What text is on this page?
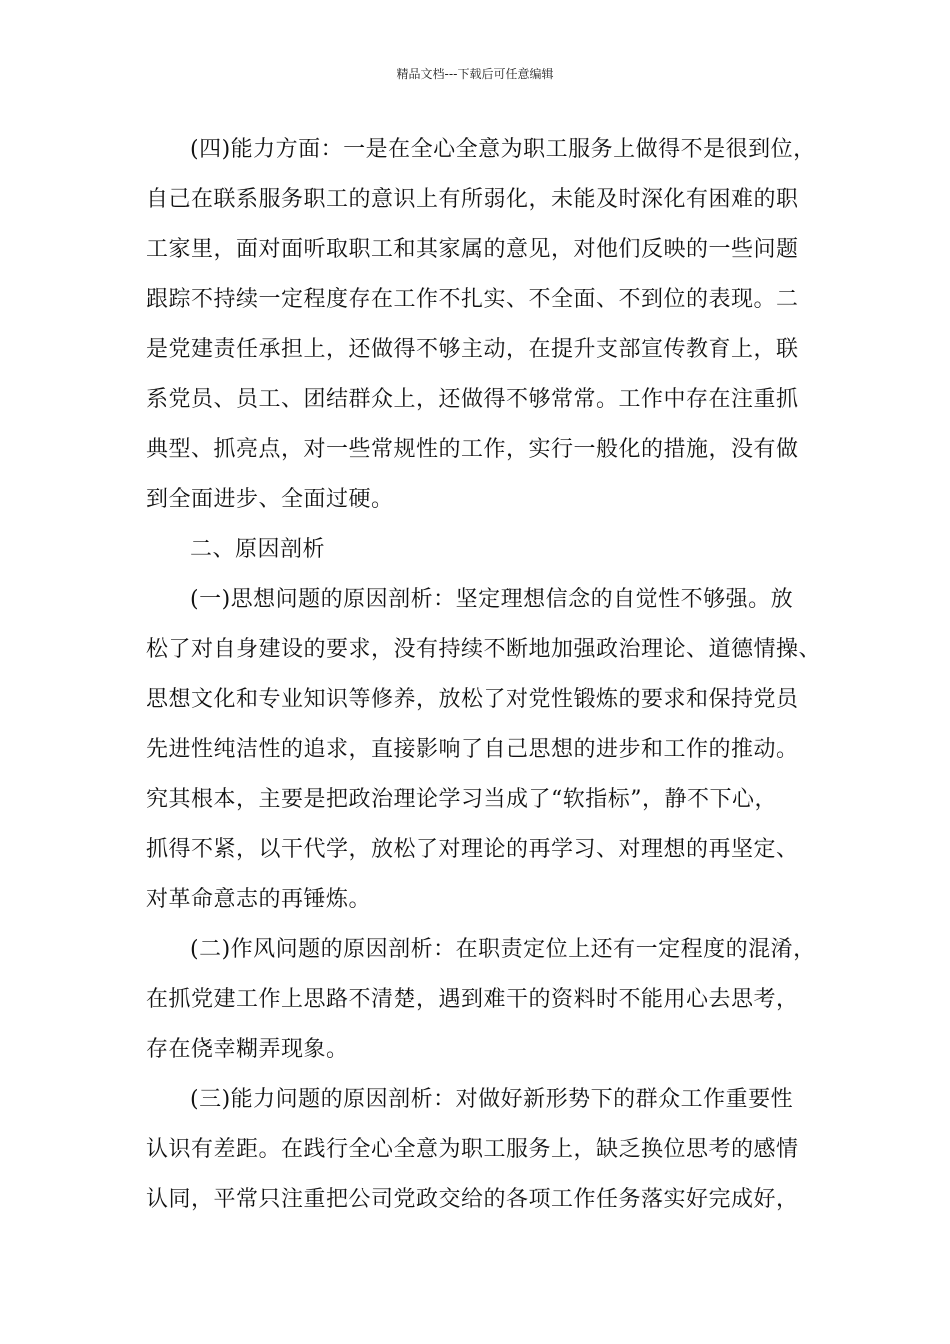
精品文档---下载后可任意编辑
(四)能力方面：一是在全心全意为职工服务上做得不是很到位，
自己在联系服务职工的意识上有所弱化，未能及时深化有困难的职
工家里，面对面听取职工和其家属的意见，对他们反映的一些问题
跟踪不持续一定程度存在工作不扎实、不全面、不到位的表现。二
是党建责任承担上，还做得不够主动，在提升支部宣传教育上，联
系党员、员工、团结群众上，还做得不够常常。工作中存在注重抓
典型、抓亮点，对一些常规性的工作，实行一般化的措施，没有做
到全面进步、全面过硬。
二、原因剖析
(一)思想问题的原因剖析：坚定理想信念的自觉性不够强。放
松了对自身建设的要求，没有持续不断地加强政治理论、道德情操、
思想文化和专业知识等修养，放松了对党性锻炼的要求和保持党员
先进性纯洁性的追求，直接影响了自己思想的进步和工作的推动。
究其根本，主要是把政治理论学习当成了“软指标”，静不下心，
抓得不紧，以干代学，放松了对理论的再学习、对理想的再坚定、
对革命意志的再锤炼。
(二)作风问题的原因剖析：在职责定位上还有一定程度的混淆，
在抓党建工作上思路不清楚，遇到难干的资料时不能用心去思考，
存在侥幸糊弄现象。
(三)能力问题的原因剖析：对做好新形势下的群众工作重要性
认识有差距。在践行全心全意为职工服务上，缺乏换位思考的感情
认同，平常只注重把公司党政交给的各项工作任务落实好完成好，
